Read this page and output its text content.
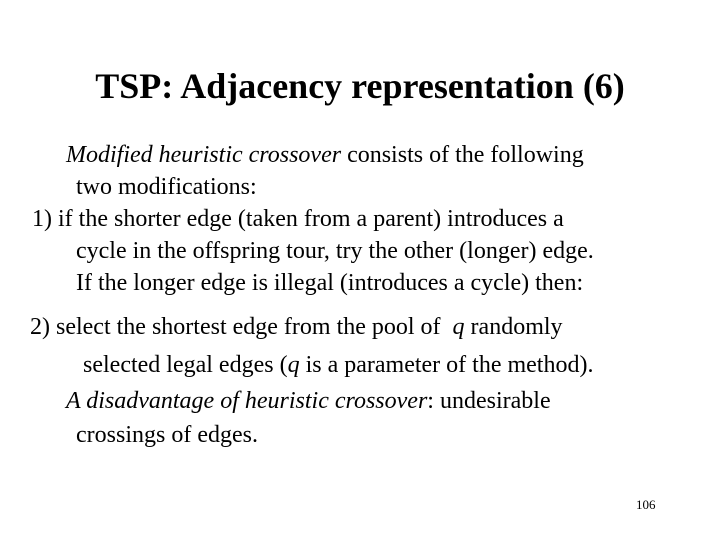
TSP: Adjacency representation (6)
Modified heuristic crossover consists of the following
two modifications:
1) if the shorter edge (taken from a parent) introduces a
cycle in the offspring tour, try the other (longer) edge.
If the longer edge is illegal (introduces a cycle) then:
2) select the shortest edge from the pool of  q randomly
selected legal edges (q is a parameter of the method).
A disadvantage of heuristic crossover: undesirable
crossings of edges.
106
